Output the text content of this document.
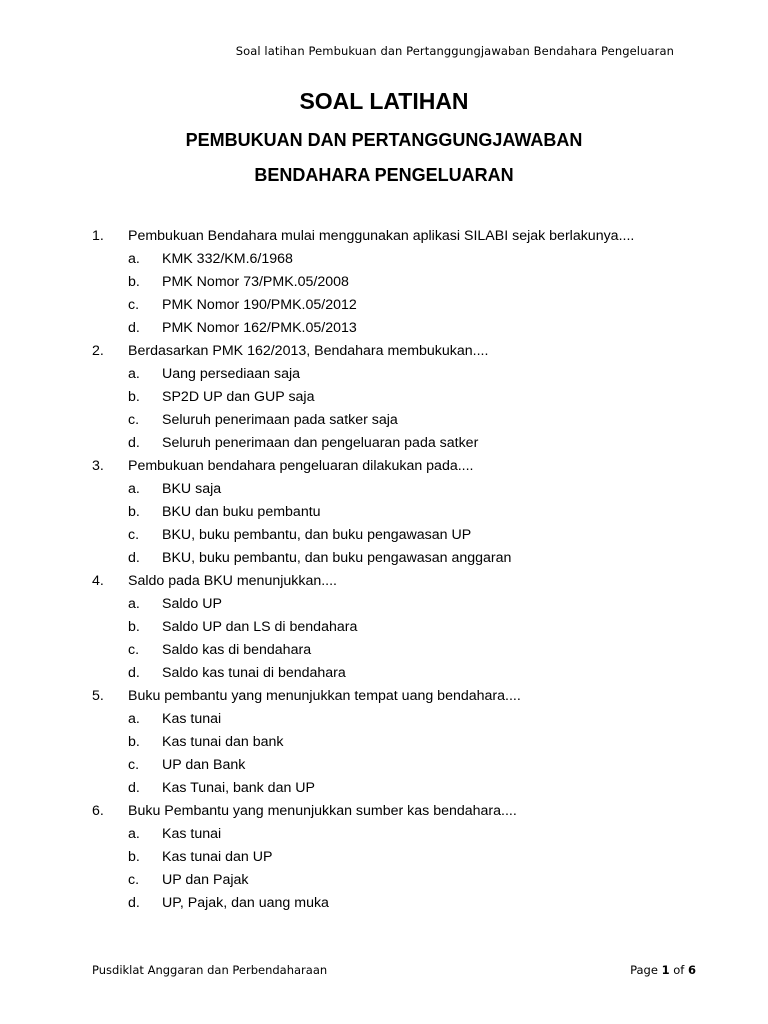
Soal latihan Pembukuan dan Pertanggungjawaban Bendahara Pengeluaran

SOAL LATIHAN

PEMBUKUAN DAN PERTANGGUNGJAWABAN

BENDAHARA PENGELUARAN

1. Pembukuan Bendahara mulai menggunakan aplikasi SILABI sejak berlakunya....
a. KMK 332/KM.6/1968
b. PMK Nomor 73/PMK.05/2008
c. PMK Nomor 190/PMK.05/2012
d. PMK Nomor 162/PMK.05/2013
2. Berdasarkan PMK 162/2013, Bendahara membukukan....
a. Uang persediaan saja
b. SP2D UP dan GUP saja
c. Seluruh penerimaan pada satker saja
d. Seluruh penerimaan dan pengeluaran pada satker
3. Pembukuan bendahara pengeluaran dilakukan pada....
a. BKU saja
b. BKU dan buku pembantu
c. BKU, buku pembantu, dan buku pengawasan UP
d. BKU, buku pembantu, dan buku pengawasan anggaran
4. Saldo pada BKU menunjukkan....
a. Saldo UP
b. Saldo UP dan LS di bendahara
c. Saldo kas di bendahara
d. Saldo kas tunai di bendahara
5. Buku pembantu yang menunjukkan tempat uang bendahara....
a. Kas tunai
b. Kas tunai dan bank
c. UP dan Bank
d. Kas Tunai, bank dan UP
6. Buku Pembantu yang menunjukkan sumber kas bendahara....
a. Kas tunai
b. Kas tunai dan UP
c. UP dan Pajak
d. UP, Pajak, dan uang muka
Pusdiklat Anggaran dan Perbendaharaan	Page 1 of 6
